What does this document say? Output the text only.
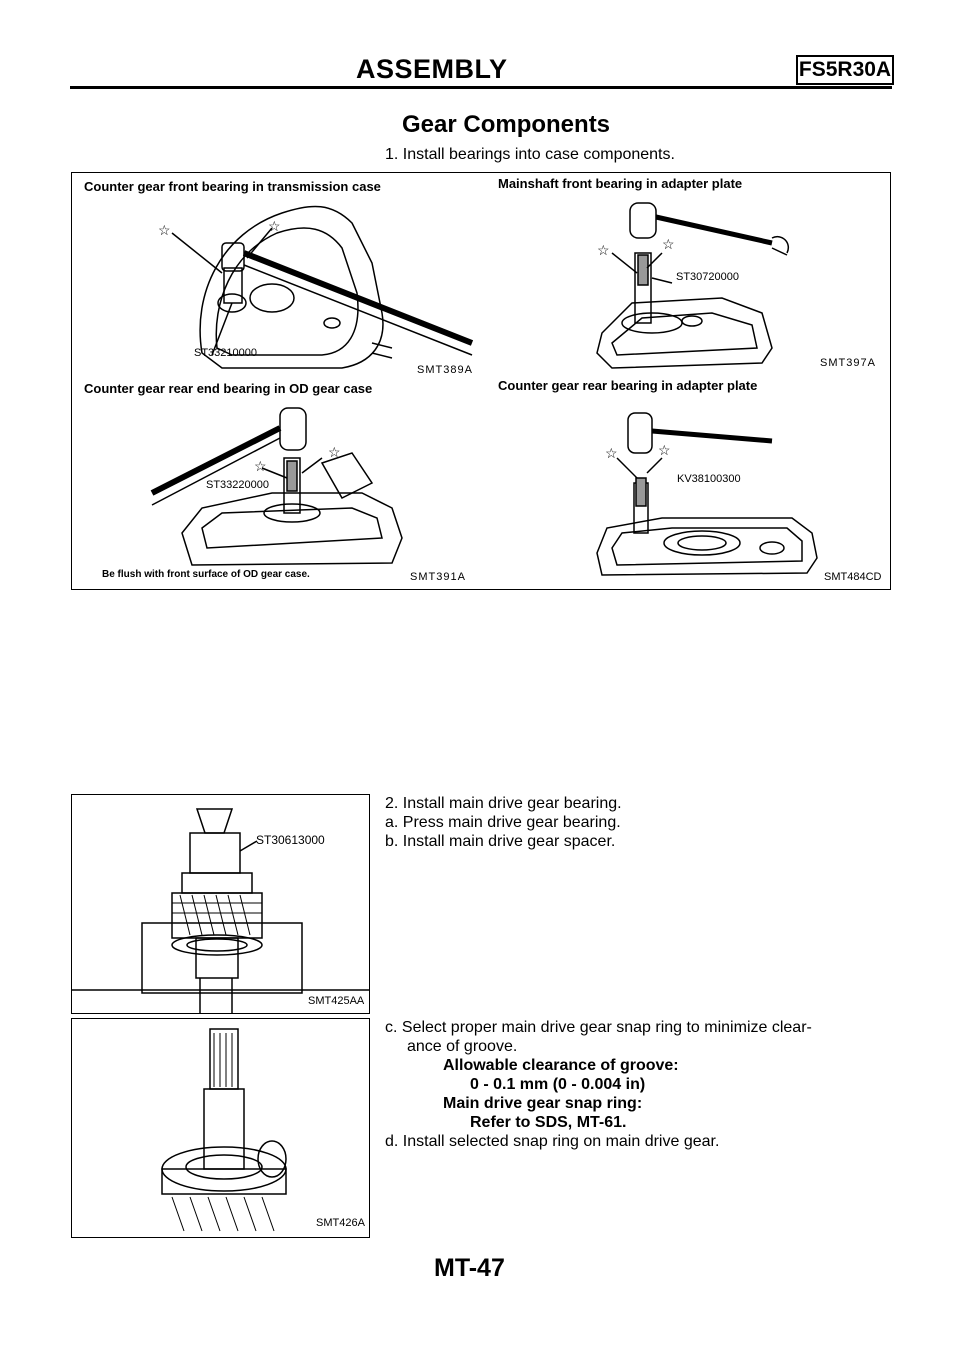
ASSEMBLY	FS5R30A
Gear Components
1. Install bearings into case components.
☆	☆
☆	☆
☆
☆	☆	☆
Counter gear front bearing in transmission case
ST33210000
SMT389A
Mainshaft front bearing in adapter plate
ST30720000
SMT397A
Counter gear rear end bearing in OD gear case
ST33220000
Be flush with front surface of OD gear case.	SMT391A
Counter gear rear bearing in adapter plate
KV38100300
SMT484CD
ST30613000
SMT425AA
2. Install main drive gear bearing.
a. Press main drive gear bearing.
b. Install main drive gear spacer.
SMT426A
c. Select proper main drive gear snap ring to minimize clear-
ance of groove.
Allowable clearance of groove:
0 - 0.1 mm (0 - 0.004 in)
Main drive gear snap ring:
Refer to SDS, MT-61.
d. Install selected snap ring on main drive gear.
MT-47
